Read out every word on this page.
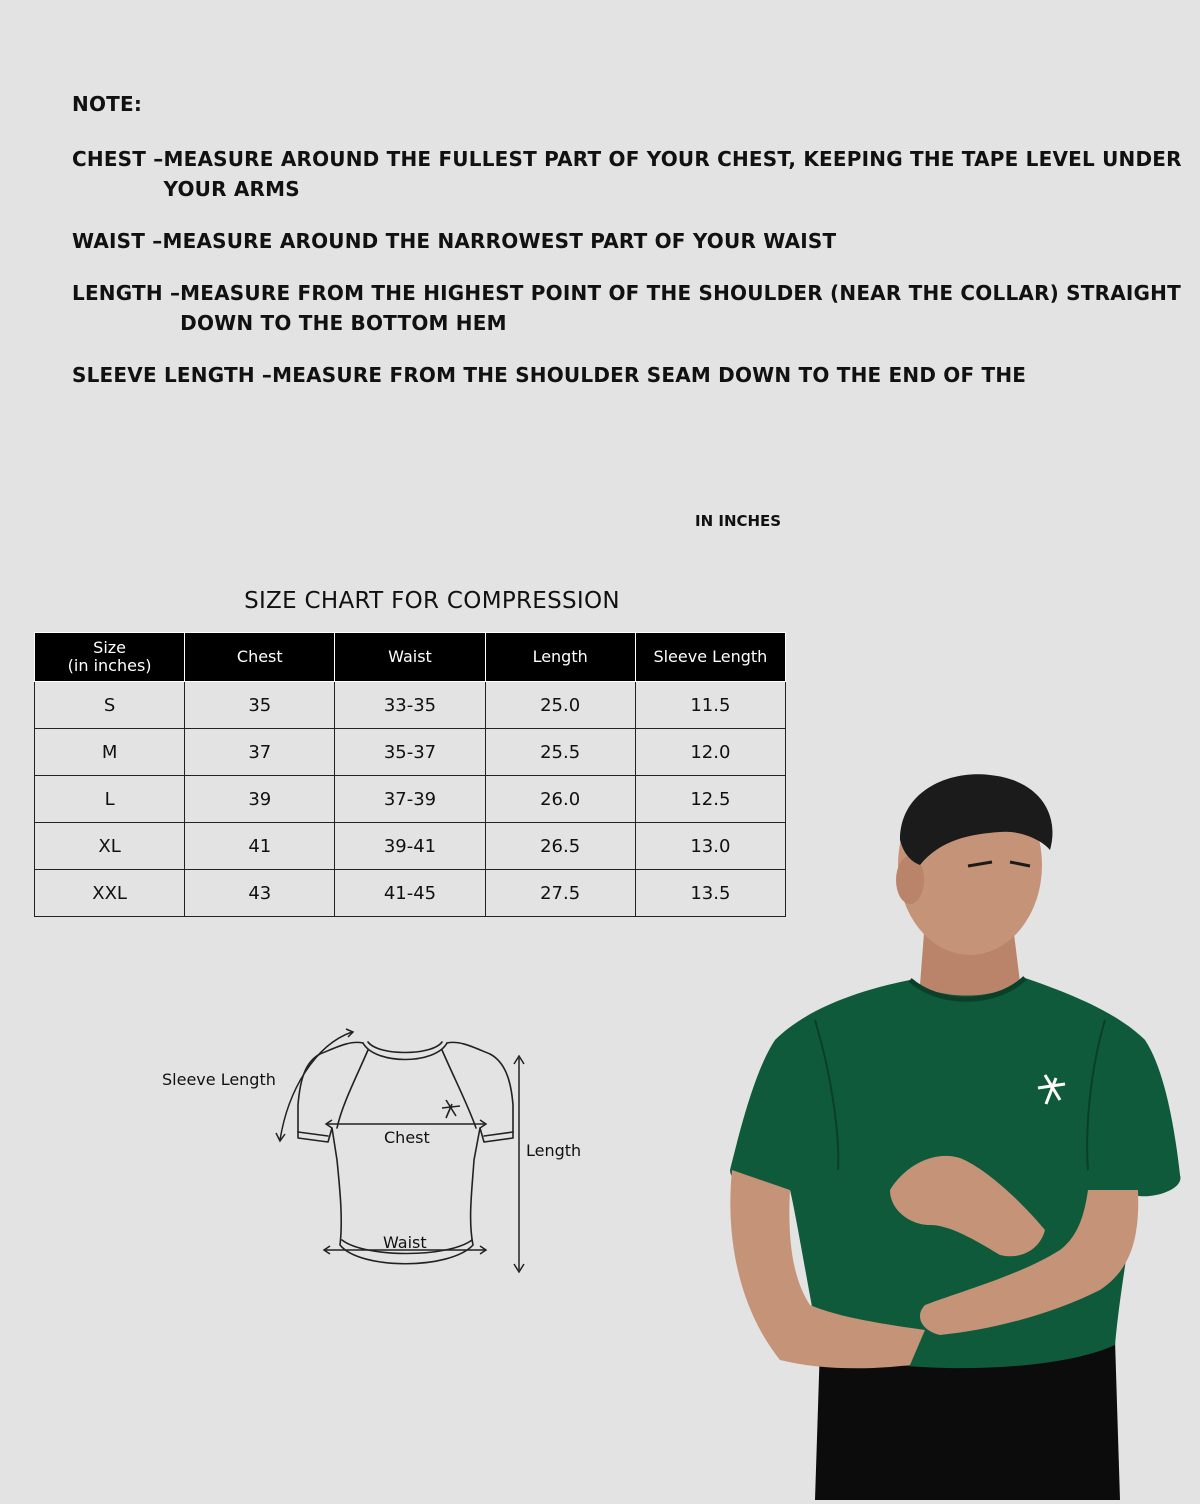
NOTE:
CHEST – MEASURE AROUND THE FULLEST PART OF YOUR CHEST, KEEPING THE TAPE LEVEL UNDER YOUR ARMS
WAIST – MEASURE AROUND THE NARROWEST PART OF YOUR WAIST
LENGTH – MEASURE FROM THE HIGHEST POINT OF THE SHOULDER (NEAR THE COLLAR) STRAIGHT DOWN TO THE BOTTOM HEM
SLEEVE LENGTH – MEASURE FROM THE SHOULDER SEAM DOWN TO THE END OF THE
IN INCHES
SIZE CHART FOR COMPRESSION
Size
(in inches)	Chest	Waist	Length	Sleeve Length
S	35	33-35	25.0	11.5
M	37	35-37	25.5	12.0
L	39	37-39	26.0	12.5
XL	41	39-41	26.5	13.0
XXL	43	41-45	27.5	13.5
Sleeve Length
Chest
Waist
Length
